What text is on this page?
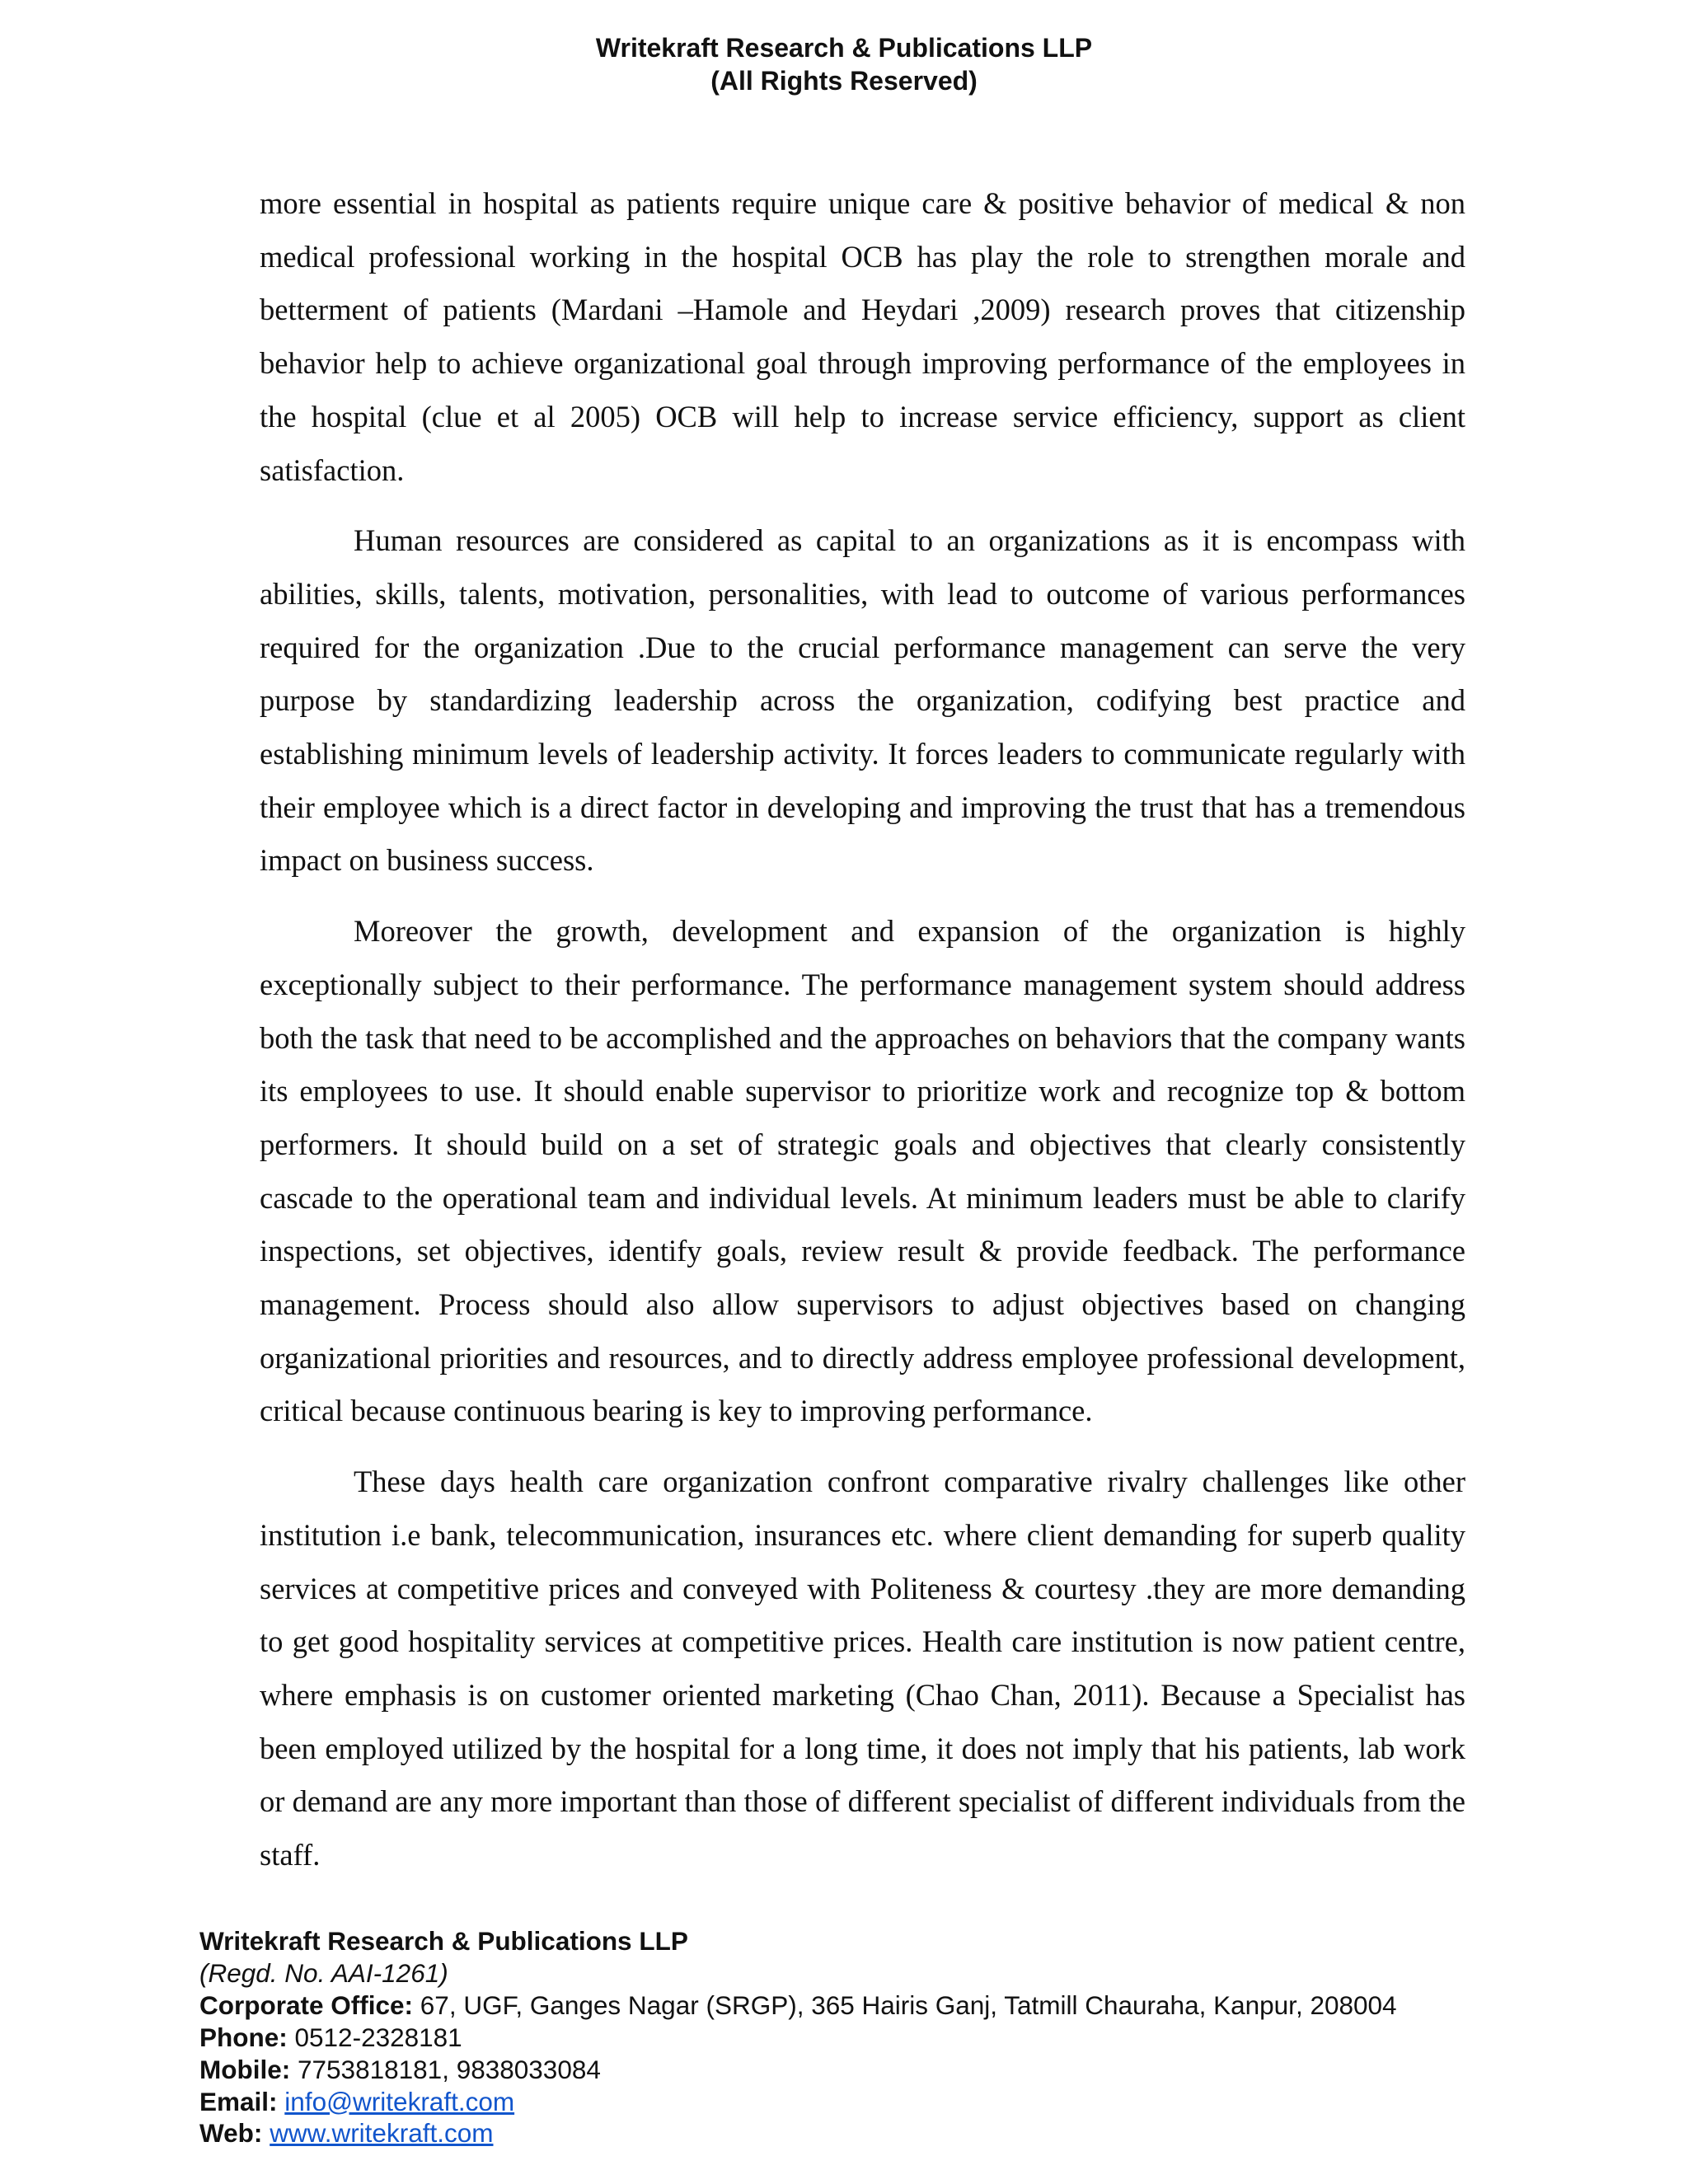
Writekraft Research & Publications LLP
(All Rights Reserved)

more essential in hospital as patients require unique care & positive behavior of medical & non medical professional working in the hospital OCB has play the role to strengthen morale and betterment of patients (Mardani –Hamole and Heydari ,2009) research proves that citizenship behavior help to achieve organizational goal through improving performance of the employees in the hospital (clue et al 2005) OCB will help to increase service efficiency, support as client satisfaction.

Human resources are considered as capital to an organizations as it is encompass with abilities, skills, talents, motivation, personalities, with lead to outcome of various performances required for the organization .Due to the crucial performance management can serve the very purpose by standardizing leadership across the organization, codifying best practice and establishing minimum levels of leadership activity. It forces leaders to communicate regularly with their employee which is a direct factor in developing and improving the trust that has a tremendous impact on business success.

Moreover the growth, development and expansion of the organization is highly exceptionally subject to their performance. The performance management system should address both the task that need to be accomplished and the approaches on behaviors that the company wants its employees to use. It should enable supervisor to prioritize work and recognize top & bottom performers. It should build on a set of strategic goals and objectives that clearly consistently cascade to the operational team and individual levels. At minimum leaders must be able to clarify inspections, set objectives, identify goals, review result & provide feedback. The performance management. Process should also allow supervisors to adjust objectives based on changing organizational priorities and resources, and to directly address employee professional development, critical because continuous bearing is key to improving performance.

These days health care organization confront comparative rivalry challenges like other institution i.e bank, telecommunication, insurances etc. where client demanding for superb quality services at competitive prices and conveyed with Politeness & courtesy .they are more demanding to get good hospitality services at competitive prices. Health care institution is now patient centre, where emphasis is on customer oriented marketing (Chao Chan, 2011). Because a Specialist has been employed utilized by the hospital for a long time, it does not imply that his patients, lab work or demand are any more important than those of different specialist of different individuals from the staff.

Writekraft Research & Publications LLP
(Regd. No. AAI-1261)
Corporate Office: 67, UGF, Ganges Nagar (SRGP), 365 Hairis Ganj, Tatmill Chauraha, Kanpur, 208004
Phone: 0512-2328181
Mobile: 7753818181, 9838033084
Email: info@writekraft.com
Web: www.writekraft.com
